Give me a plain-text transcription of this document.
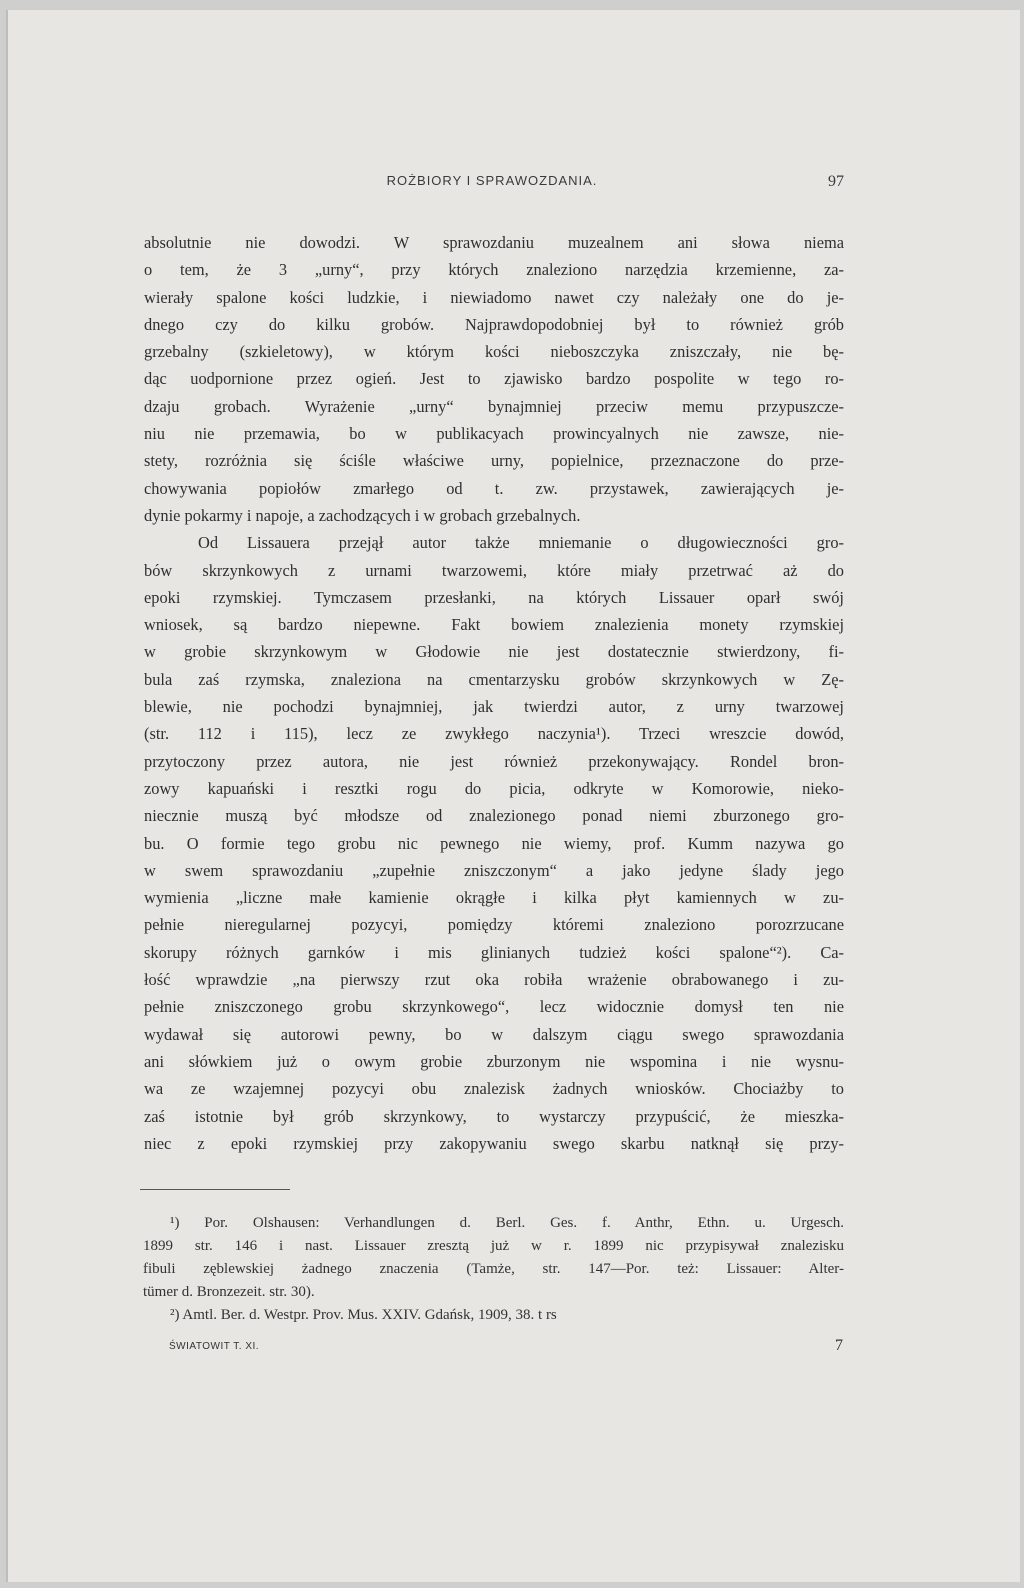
ROŻBIORY I SPRAWOZDANIA.	97
absolutnie nie dowodzi. W sprawozdaniu muzealnem ani słowa niema
o tem, że 3 „urny“, przy których znaleziono narzędzia krzemienne, za-
wierały spalone kości ludzkie, i niewiadomo nawet czy należały one do je-
dnego czy do kilku grobów. Najprawdopodobniej był to również grób
grzebalny (szkieletowy), w którym kości nieboszczyka zniszczały, nie bę-
dąc uodpornione przez ogień. Jest to zjawisko bardzo pospolite w tego ro-
dzaju grobach. Wyrażenie „urny“ bynajmniej przeciw memu przypuszcze-
niu nie przemawia, bo w publikacyach prowincyalnych nie zawsze, nie-
stety, rozróżnia się ściśle właściwe urny, popielnice, przeznaczone do prze-
chowywania popiołów zmarłego od t. zw. przystawek, zawierających je-
dynie pokarmy i napoje, a zachodzących i w grobach grzebalnych.
Od Lissauera przejął autor także mniemanie o długowieczności gro-
bów skrzynkowych z urnami twarzowemi, które miały przetrwać aż do
epoki rzymskiej. Tymczasem przesłanki, na których Lissauer oparł swój
wniosek, są bardzo niepewne. Fakt bowiem znalezienia monety rzymskiej
w grobie skrzynkowym w Głodowie nie jest dostatecznie stwierdzony, fi-
bula zaś rzymska, znaleziona na cmentarzysku grobów skrzynkowych w Zę-
blewie, nie pochodzi bynajmniej, jak twierdzi autor, z urny twarzowej
(str. 112 i 115), lecz ze zwykłego naczynia¹). Trzeci wreszcie dowód,
przytoczony przez autora, nie jest również przekonywający. Rondel bron-
zowy kapuański i resztki rogu do picia, odkryte w Komorowie, nieko-
niecznie muszą być młodsze od znalezionego ponad niemi zburzonego gro-
bu. O formie tego grobu nic pewnego nie wiemy, prof. Kumm nazywa go
w swem sprawozdaniu „zupełnie zniszczonym“ a jako jedyne ślady jego
wymienia „liczne małe kamienie okrągłe i kilka płyt kamiennych w zu-
pełnie nieregularnej pozycyi, pomiędzy któremi znaleziono porozrzucane
skorupy różnych garnków i mis glinianych tudzież kości spalone“²). Ca-
łość wprawdzie „na pierwszy rzut oka robiła wrażenie obrabowanego i zu-
pełnie zniszczonego grobu skrzynkowego“, lecz widocznie domysł ten nie
wydawał się autorowi pewny, bo w dalszym ciągu swego sprawozdania
ani słówkiem już o owym grobie zburzonym nie wspomina i nie wysnu-
wa ze wzajemnej pozycyi obu znalezisk żadnych wniosków. Chociażby to
zaś istotnie był grób skrzynkowy, to wystarczy przypuścić, że mieszka-
niec z epoki rzymskiej przy zakopywaniu swego skarbu natknął się przy-
¹) Por. Olshausen: Verhandlungen d. Berl. Ges. f. Anthr, Ethn. u. Urgesch.
1899 str. 146 i nast. Lissauer zresztą już w r. 1899 nic przypisywał znalezisku
fibuli zęblewskiej żadnego znaczenia (Tamże, str. 147—Por. też: Lissauer: Alter-
tümer d. Bronzezeit. str. 30).
²) Amtl. Ber. d. Westpr. Prov. Mus. XXIV. Gdańsk, 1909, 38. t rs
ŚWIATOWIT T. XI.	7
